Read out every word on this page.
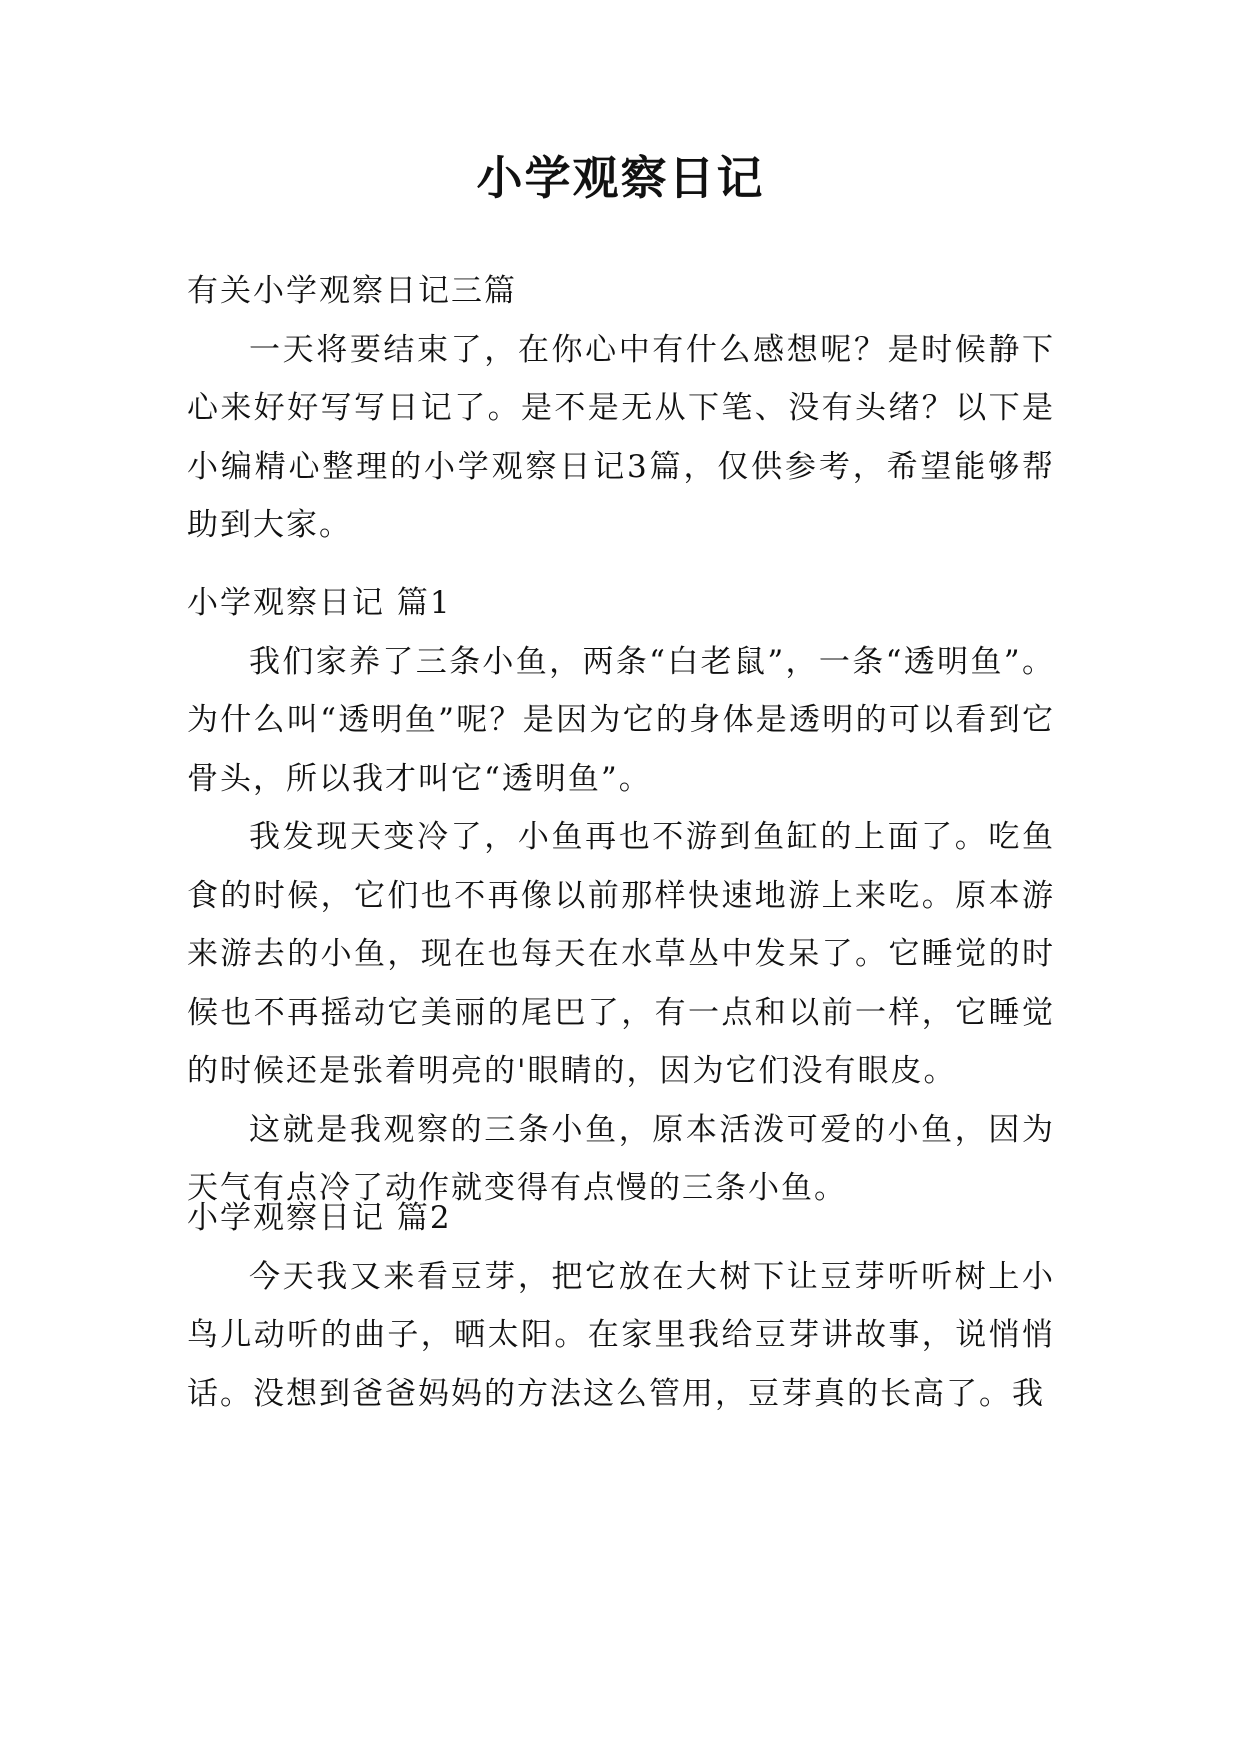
小学观察日记

有关小学观察日记三篇

一天将要结束了，在你心中有什么感想呢？是时候静下心来好好写写日记了。是不是无从下笔、没有头绪？以下是小编精心整理的小学观察日记3篇，仅供参考，希望能够帮助到大家。

小学观察日记 篇1

我们家养了三条小鱼，两条“白老鼠”，一条“透明鱼”。为什么叫“透明鱼”呢？是因为它的身体是透明的可以看到它骨头，所以我才叫它“透明鱼”。

我发现天变冷了，小鱼再也不游到鱼缸的上面了。吃鱼食的时候，它们也不再像以前那样快速地游上来吃。原本游来游去的小鱼，现在也每天在水草丛中发呆了。它睡觉的时候也不再摇动它美丽的尾巴了，有一点和以前一样，它睡觉的时候还是张着明亮的'眼睛的，因为它们没有眼皮。

这就是我观察的三条小鱼，原本活泼可爱的小鱼，因为天气有点冷了动作就变得有点慢的三条小鱼。

小学观察日记 篇2

今天我又来看豆芽，把它放在大树下让豆芽听听树上小鸟儿动听的曲子，晒太阳。在家里我给豆芽讲故事，说悄悄话。没想到爸爸妈妈的方法这么管用，豆芽真的长高了。我
